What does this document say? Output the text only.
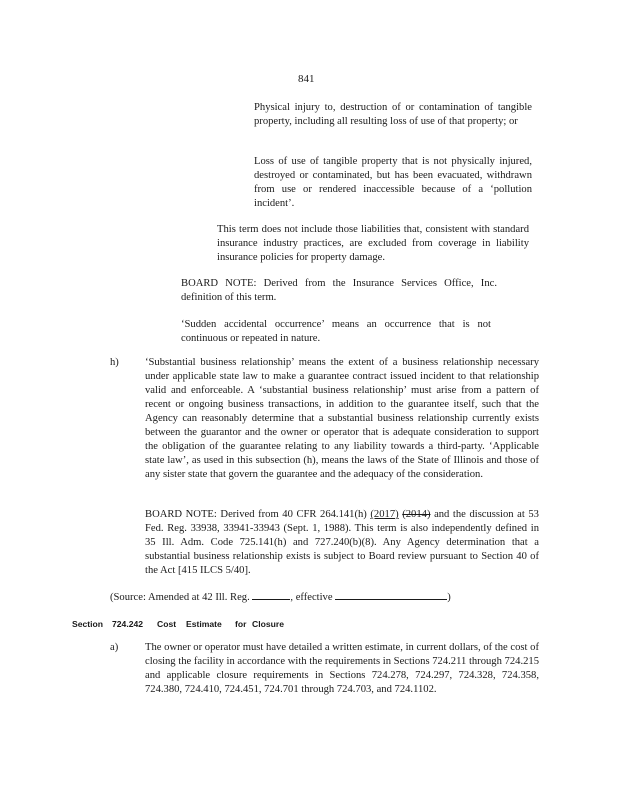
841

Physical injury to, destruction of or contamination of tangible property, including all resulting loss of use of that property; or

Loss of use of tangible property that is not physically injured, destroyed or contaminated, but has been evacuated, withdrawn from use or rendered inaccessible because of a ‘pollution incident’.

This term does not include those liabilities that, consistent with standard insurance industry practices, are excluded from coverage in liability insurance policies for property damage.

BOARD NOTE: Derived from the Insurance Services Office, Inc. definition of this term.

‘Sudden accidental occurrence’ means an occurrence that is not continuous or repeated in nature.

h) ‘Substantial business relationship’ means the extent of a business relationship necessary under applicable state law to make a guarantee contract issued incident to that relationship valid and enforceable. A ‘substantial business relationship’ must arise from a pattern of recent or ongoing business transactions, in addition to the guarantee itself, such that the Agency can reasonably determine that a substantial business relationship currently exists between the guarantor and the owner or operator that is adequate consideration to support the obligation of the guarantee relating to any liability towards a third-party. ‘Applicable state law’, as used in this subsection (h), means the laws of the State of Illinois and those of any sister state that govern the guarantee and the adequacy of the consideration.

BOARD NOTE: Derived from 40 CFR 264.141(h) (2017) (2014) and the discussion at 53 Fed. Reg. 33938, 33941-33943 (Sept. 1, 1988). This term is also independently defined in 35 Ill. Adm. Code 725.141(h) and 727.240(b)(8). Any Agency determination that a substantial business relationship exists is subject to Board review pursuant to Section 40 of the Act [415 ILCS 5/40].

(Source: Amended at 42 Ill. Reg.	, effective	)

Section 724.242 Cost Estimate for Closure
a)	The owner or operator must have detailed a written estimate, in current dollars, of the cost of closing the facility in accordance with the requirements in Sections 724.211 through 724.215 and applicable closure requirements in Sections 724.278, 724.297, 724.328, 724.358, 724.380, 724.410, 724.451, 724.701 through 724.703, and 724.1102.
